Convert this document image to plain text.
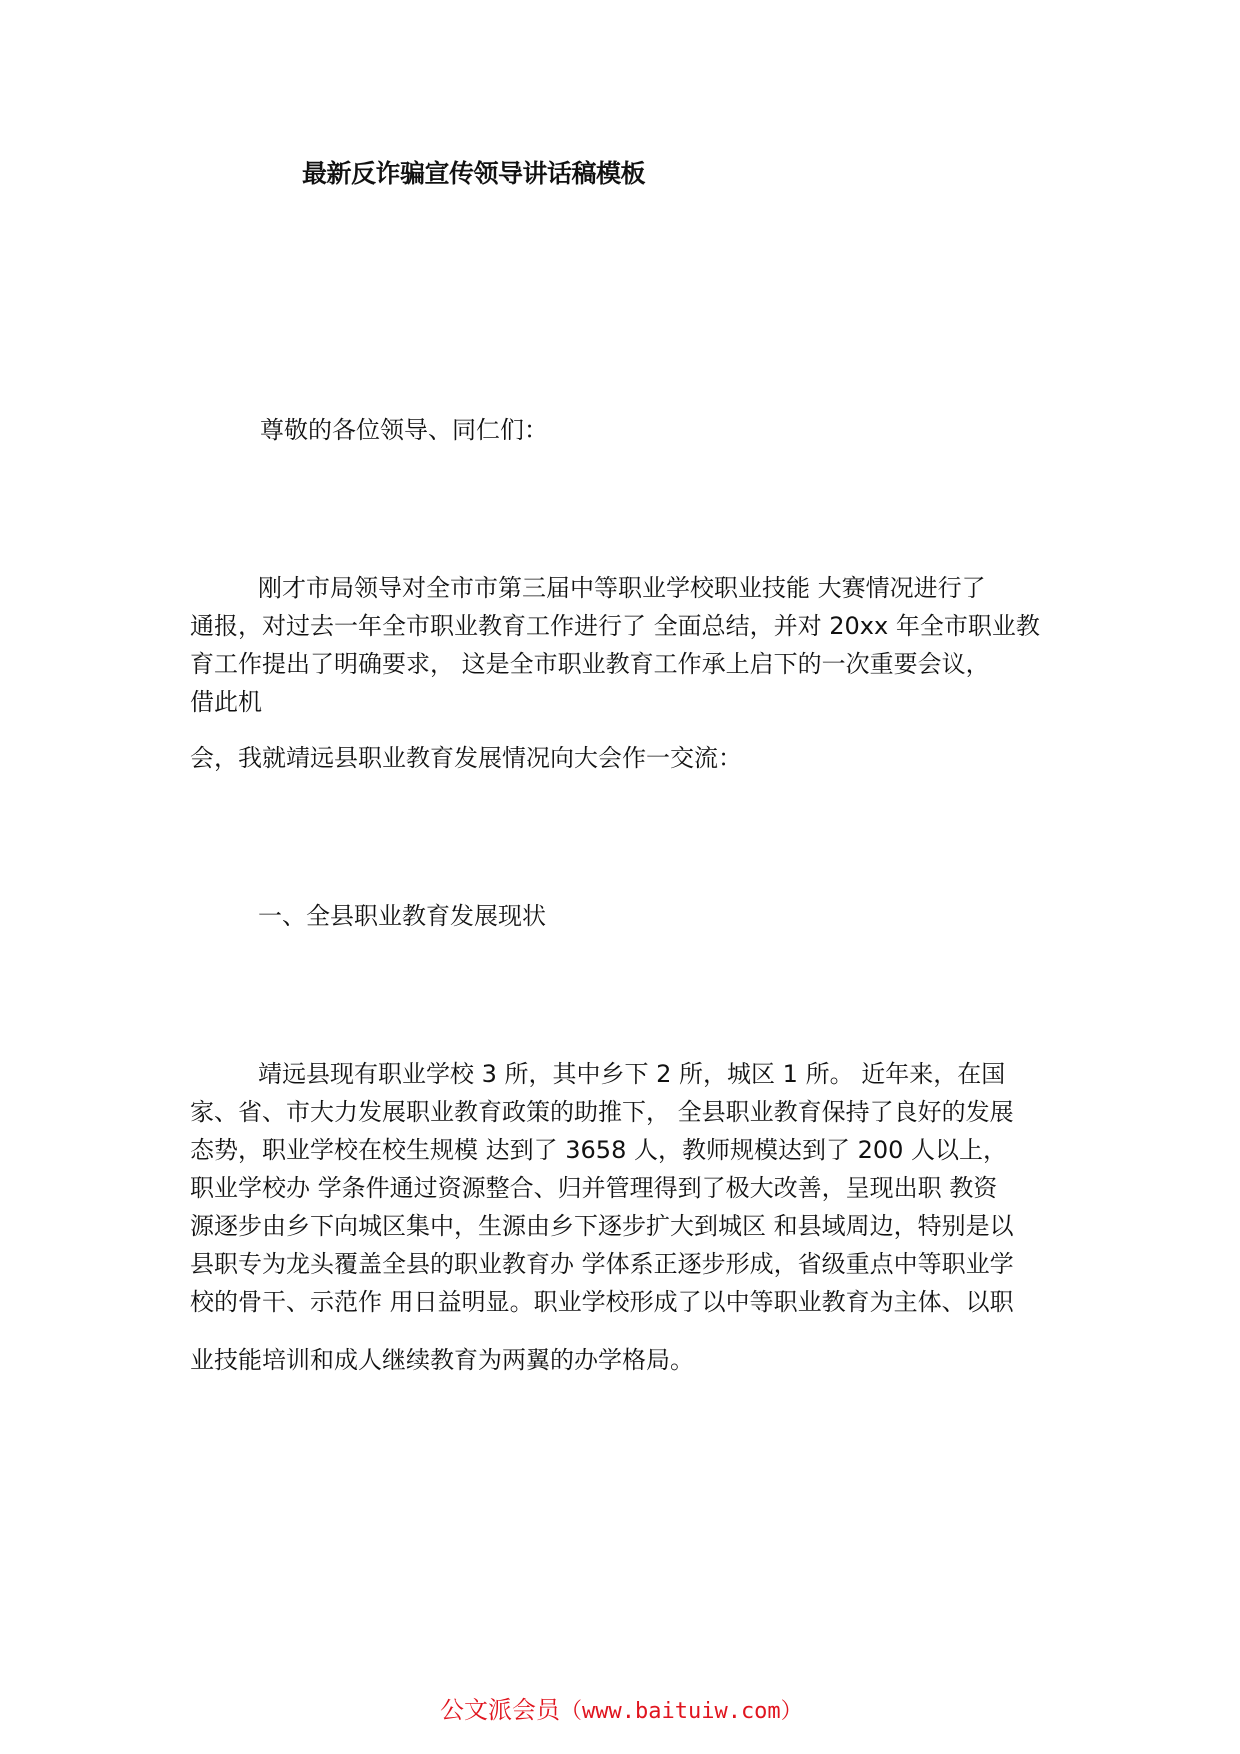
最新反诈骗宣传领导讲话稿模板
尊敬的各位领导、同仁们：
刚才市局领导对全市市第三届中等职业学校职业技能 大赛情况进行了
通报，对过去一年全市职业教育工作进行了 全面总结，并对 20xx 年全市职业教
育工作提出了明确要求， 这是全市职业教育工作承上启下的一次重要会议，
借此机
会，我就靖远县职业教育发展情况向大会作一交流：
一、全县职业教育发展现状
靖远县现有职业学校 3 所，其中乡下 2 所，城区 1 所。 近年来，在国
家、省、市大力发展职业教育政策的助推下， 全县职业教育保持了良好的发展
态势，职业学校在校生规模 达到了 3658 人，教师规模达到了 200 人以上，
职业学校办 学条件通过资源整合、归并管理得到了极大改善，呈现出职 教资
源逐步由乡下向城区集中，生源由乡下逐步扩大到城区 和县域周边，特别是以
县职专为龙头覆盖全县的职业教育办 学体系正逐步形成，省级重点中等职业学
校的骨干、示范作 用日益明显。职业学校形成了以中等职业教育为主体、以职
业技能培训和成人继续教育为两翼的办学格局。
公文派会员（www.baituiw.com）
